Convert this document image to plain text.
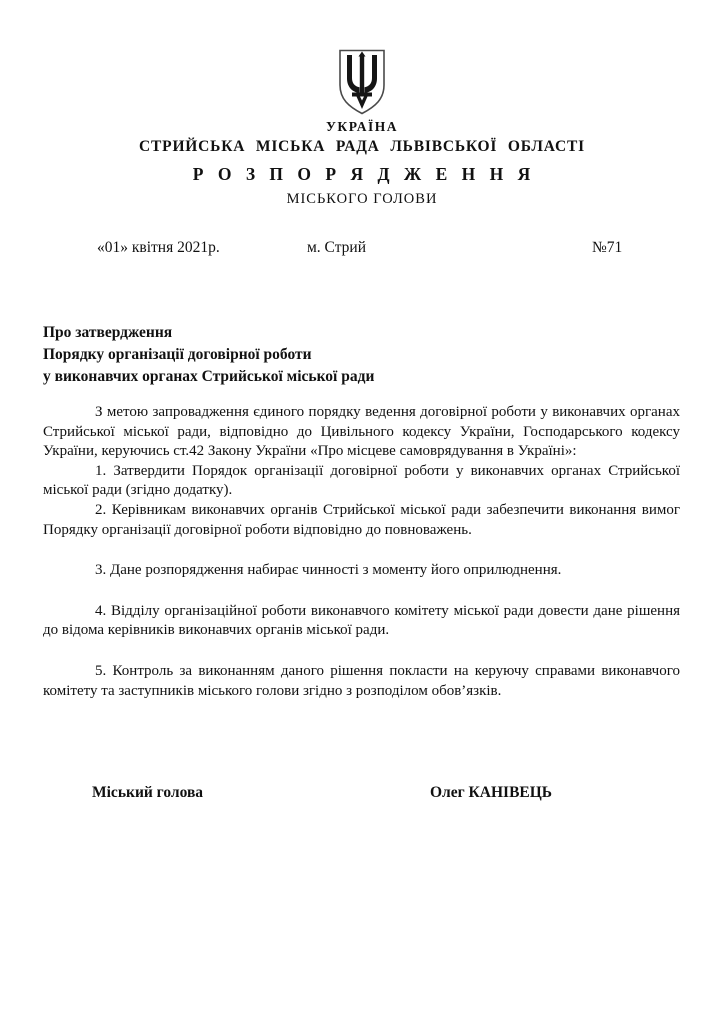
УКРАЇНА
СТРИЙСЬКА МІСЬКА РАДА ЛЬВІВСЬКОЇ ОБЛАСТІ
Р О З П О Р Я Д Ж Е Н Н Я
МІСЬКОГО ГОЛОВИ
«01» квітня 2021р.	м. Стрий	№71
Про затвердження
Порядку організації договірної роботи
у виконавчих органах Стрийської міської ради

З метою запровадження єдиного порядку ведення договірної роботи у виконавчих органах Стрийської міської ради, відповідно до Цивільного кодексу України, Господарського кодексу України, керуючись ст.42 Закону України «Про місцеве самоврядування в Україні»:

1. Затвердити Порядок організації договірної роботи у виконавчих органах Стрийської міської ради (згідно додатку).

2. Керівникам виконавчих органів Стрийської міської ради забезпечити виконання вимог Порядку організації договірної роботи відповідно до повноважень.

3. Дане розпорядження набирає чинності з моменту його оприлюднення.

4. Відділу організаційної роботи виконавчого комітету міської ради довести дане рішення до відома керівників виконавчих органів міської ради.

5. Контроль за виконанням даного рішення покласти на керуючу справами виконавчого комітету та заступників міського голови згідно з розподілом обов’язків.

Міський голова	Олег КАНІВЕЦЬ
